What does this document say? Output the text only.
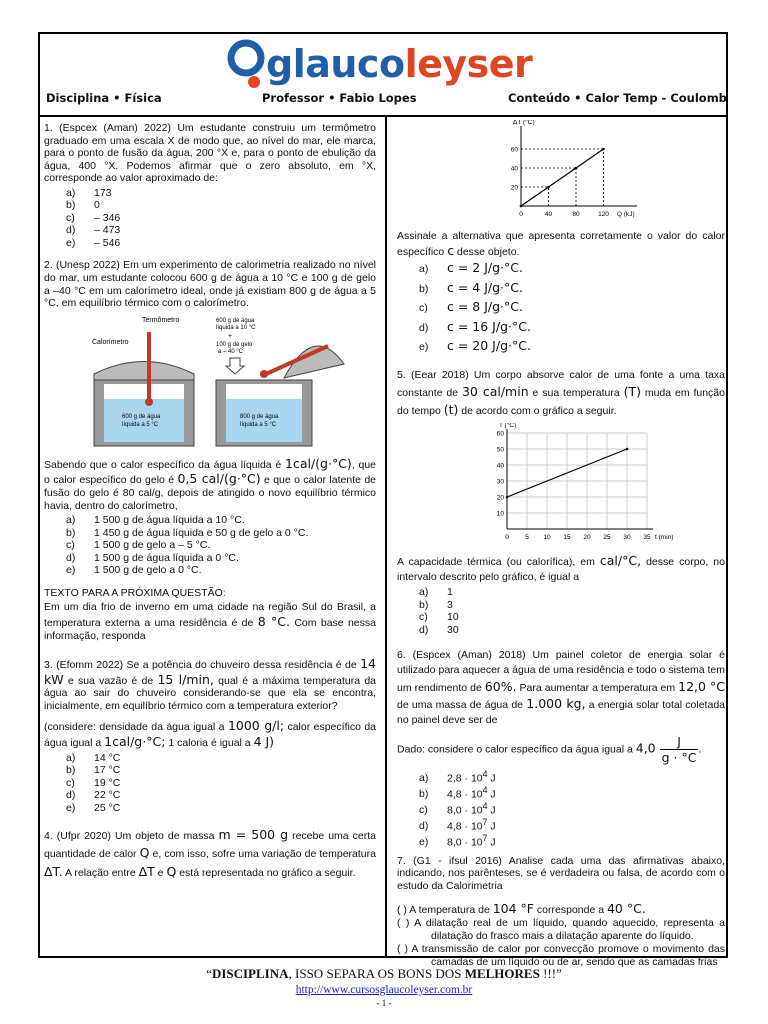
glaucoleyser
Disciplina • Física	Professor • Fabio Lopes	Conteúdo • Calor Temp - Coulomb

1. (Espcex (Aman) 2022) Um estudante construiu um termômetro graduado em uma escala X de modo que, ao nível do mar, ele marca, para o ponto de fusão da água, 200 °X e, para o ponto de ebulição da água, 400 °X. Podemos afirmar que o zero absoluto, em °X, corresponde ao valor aproximado de:

a) 173
b) 0
c) – 346
d) – 473
e) – 546

2. (Unesp 2022) Em um experimento de calorimetria realizado no nível do mar, um estudante colocou 600 g de água a 10 °C e 100 g de gelo a –40 °C em um calorímetro ideal, onde já existiam 800 g de água a 5 °C, em equilíbrio térmico com o calorímetro.

Termômetro
Calorímetro
600 g de água
líquida a 5 °C
600 g de água
líquida a 10 °C
+
100 g de gelo
a – 40 °C
800 g de água
líquida a 5 °C

Sabendo que o calor específico da água líquida é 1cal/(g·°C), que o calor específico do gelo é 0,5 cal/(g·°C) e que o calor latente de fusão do gelo é 80 cal/g, depois de atingido o novo equilíbrio térmico havia, dentro do calorímetro,

a) 1 500 g de água líquida a 10 °C.
b) 1 450 g de água líquida e 50 g de gelo a 0 °C.
c) 1 500 g de gelo a – 5 °C.
d) 1 500 g de água líquida a 0 °C.
e) 1 500 g de gelo a 0 °C.

TEXTO PARA A PRÓXIMA QUESTÃO:

Em um dia frio de inverno em uma cidade na região Sul do Brasil, a temperatura externa a uma residência é de 8 °C. Com base nessa informação, responda

3. (Efomm 2022) Se a potência do chuveiro dessa residência é de 14 kW e sua vazão é de 15 l/min, qual é a máxima temperatura da água ao sair do chuveiro considerando-se que ela se encontra, inicialmente, em equilíbrio térmico com a temperatura exterior?

(considere: densidade da água igual a 1000 g/l; calor específico da água igual a 1cal/g·°C; 1 caloria é igual a 4 J)

a) 14 °C
b) 17 °C
c) 19 °C
d) 22 °C
e) 25 °C

4. (Ufpr 2020) Um objeto de massa m = 500 g recebe uma certa quantidade de calor Q e, com isso, sofre uma variação de temperatura ΔT. A relação entre ΔT e Q está representada no gráfico a seguir.

0	40	80	120
20
40
60
ΔT (°C)
Q (kJ)

Assinale a alternativa que apresenta corretamente o valor do calor específico c desse objeto.

a) c = 2 J/g·°C.
b) c = 4 J/g·°C.
c) c = 8 J/g·°C.
d) c = 16 J/g·°C.
e) c = 20 J/g·°C.

5. (Eear 2018) Um corpo absorve calor de uma fonte a uma taxa constante de 30 cal/min e sua temperatura (T) muda em função do tempo (t) de acordo com o gráfico a seguir.

0	5 10 15 20 25 30 35
10
20
30
40
50
60
T (°C)
t (min)

A capacidade térmica (ou calorífica), em cal/°C, desse corpo, no intervalo descrito pelo gráfico, é igual a

a) 1
b) 3
c) 10
d) 30

6. (Espcex (Aman) 2018) Um painel coletor de energia solar é utilizado para aquecer a água de uma residência e todo o sistema tem um rendimento de 60%. Para aumentar a temperatura em 12,0 °C de uma massa de água de 1.000 kg, a energia solar total coletada no painel deve ser de

Dado: considere o calor específico da água igual a $4,0 \frac{J}{g \cdot ^\circ C}$ .

a) $2,8 \cdot 10^4$ J
b) $4,8 \cdot 10^4$ J
c) $8,0 \cdot 10^4$ J
d) $4,8 \cdot 10^7$ J
e) $8,0 \cdot 10^7$ J

7. (G1 - ifsul 2016) Analise cada uma das afirmativas abaixo, indicando, nos parênteses, se é verdadeira ou falsa, de acordo com o estudo da Calorimetria

( ) A temperatura de 104 °F corresponde a 40 °C.

( ) A dilatação real de um líquido, quando aquecido, representa a dilatação do frasco mais a dilatação aparente do líquido.

( ) A transmissão de calor por convecção promove o movimento das camadas de um líquido ou de ar, sendo que as camadas frias

“DISCIPLINA, ISSO SEPARA OS BONS DOS MELHORES !!!”
http://www.cursosglaucoleyser.com.br
- 1 -
